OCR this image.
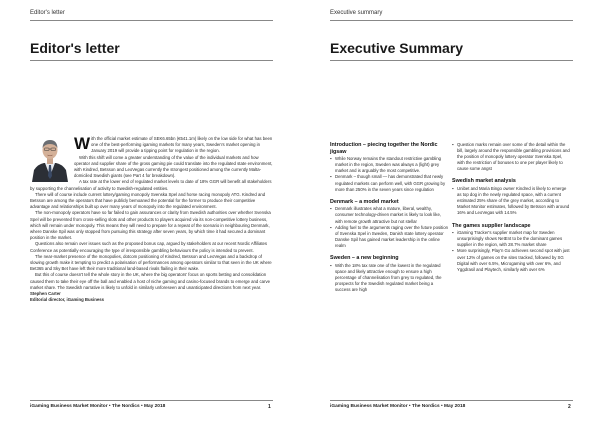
Editor's letter
Editor's letter

With the official market estimate of SEK6.65bn (€541.1m) likely on the low side for what has been one of the best-performing igaming markets for many years, Sweden's market opening in January 2019 will provide a tipping point for regulation in the region.

With this shift will come a greater understanding of the value of the individual markets and how operator and supplier share of the gross gaming pie could translate into the regulated state environment, with Kindred, Betsson and LeoVegas currently the strongest positioned among the currently Malta-domiciled Swedish giants (see Part 4 for breakdown).

A tax rate at the lower end of regulated market levels to date of 18% GGR will benefit all stakeholders by supporting the channelisation of activity to Swedish-regulated entities.

There will of course include current lottery/gaming monopoly Svenska Spel and horse racing monopoly ATG. Kindred and Betsson are among the operators that have publicly bemoaned the potential for the former to produce their competitive advantage and relationships built up over many years of monopoly into the regulated environment.

The non-monopoly operators have so far failed to gain assurances or clarity from Swedish authorities over whether Svenska Spel will be prevented from cross-selling slots and other products to players acquired via its non-competitive lottery business, which will remain under monopoly. This means they will need to prepare for a repeat of the scenario in neighbouring Denmark, where Danske Spil was only stopped from pursuing this strategy after seven years, by which time it had secured a dominant position in the market.

Questions also remain over issues such as the proposed bonus cap, argued by stakeholders at our recent Nordic Affiliates Conference as potentially encouraging the type of irresponsible gambling behaviours the policy is intended to prevent.

The near-market presence of the monopolies, dotcom positioning of Kindred, Betsson and LeoVegas and a backdrop of slowing growth make it tempting to predict a polarisation of performances among operators similar to that seen in the UK where Bet365 and Sky Bet have left their more traditional land-based rivals flailing in their wake.

But this of course doesn't tell the whole story in the UK, where the big operators' focus on sports betting and consolidation caused them to take their eye off the ball and enabled a host of niche gaming and casino-focused brands to emerge and carve market share. The Swedish narrative is likely to unfold in similarly unforeseen and unanticipated directions from next year.

Stephen Carter
Editorial director, iGaming Business
iGaming Business Market Monitor • The Nordics • May 2018	1
Executive summary
Executive Summary
iGaming Business Market Monitor • The Nordics • May 2018	2
Introduction – piecing together the Nordic jigsaw
▪ While Norway remains the standout restrictive gambling market in the region, Sweden was always a (light) grey market and is arguably the most competitive.
▪ Denmark – though small — has demonstrated that newly regulated markets can perform well, with GGR growing by more than 250% in the seven years since regulation
Denmark – a model market
▪ Denmark illustrates what a mature, liberal, wealthy, consumer technology-driven market is likely to look like, with remote growth attractive but not stellar
▪ Adding fuel to the arguments raging over the future position of Svenska Spel in Sweden, Danish state lottery operator Danske Spil has gained market leadership in the online realm
Sweden – a new beginning
▪ With the 18% tax rate one of the lowest in the regulated space and likely attractive enough to ensure a high percentage of channelisation from grey to regulated, the prospects for the Swedish regulated market being a success are high
▪ Question marks remain over some of the detail within the bill, largely around the responsible gambling provisions and the position of monopoly lottery operator Svenska Spel, with the restriction of bonuses to one per player likely to cause some angst
Swedish market analysis
▪ Unibet and Maria Bingo owner Kindred is likely to emerge as top dog in the newly regulated space, with a current estimated 25% share of the grey market, according to Market Monitor estimates, followed by Betsson with around 16% and LeoVegas with 14.5%
The games supplier landscape
▪ iGaming Tracker's supplier market map for Sweden unsurprisingly shows NetEnt to be the dominant games supplier in the region, with 28.7% market share
▪ More surprisingly, Play'n Go achieves second spot with just over 12% of games on the sites tracked, followed by SG Digital with over 6.5%, Microgaming with over 6%, and Yggdrasil and Playtech, similarly with over 6%
